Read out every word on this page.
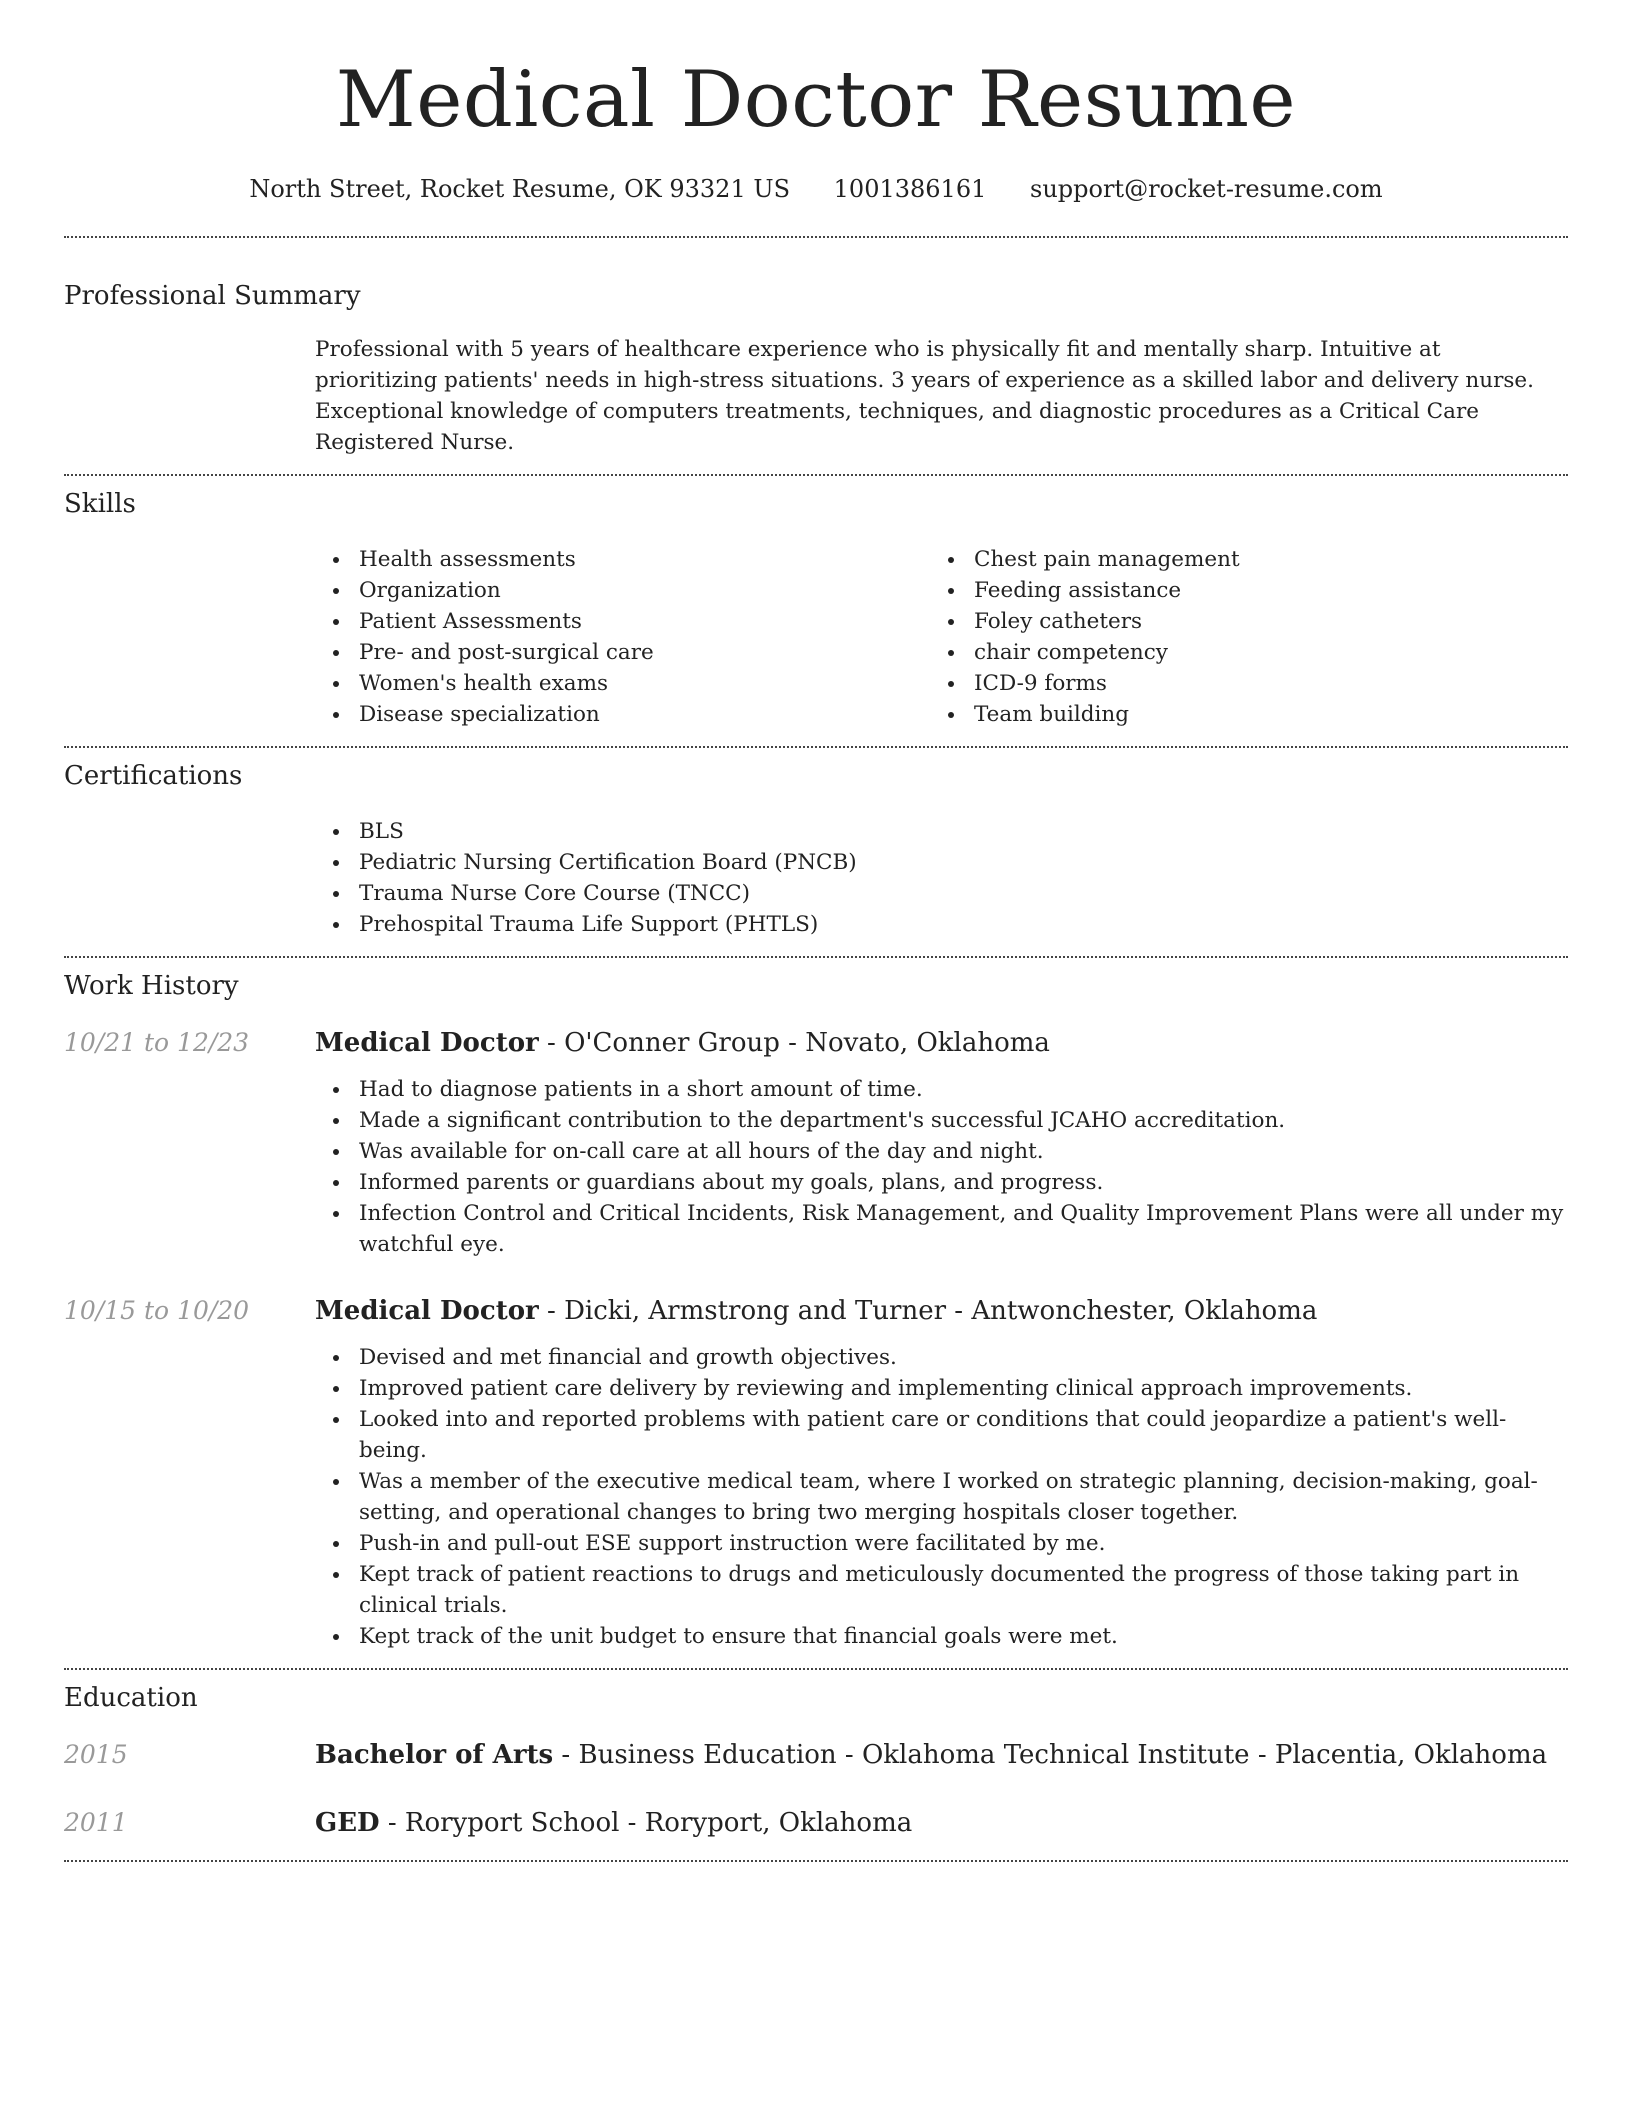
Medical Doctor Resume
North Street, Rocket Resume, OK 93321 US 1001386161 support@rocket-resume.com
Professional Summary
Professional with 5 years of healthcare experience who is physically fit and mentally sharp. Intuitive at prioritizing patients' needs in high-stress situations. 3 years of experience as a skilled labor and delivery nurse. Exceptional knowledge of computers treatments, techniques, and diagnostic procedures as a Critical Care Registered Nurse.
Skills
Health assessments
Organization
Patient Assessments
Pre- and post-surgical care
Women's health exams
Disease specialization
Chest pain management
Feeding assistance
Foley catheters
chair competency
ICD-9 forms
Team building
Certifications
BLS
Pediatric Nursing Certification Board (PNCB)
Trauma Nurse Core Course (TNCC)
Prehospital Trauma Life Support (PHTLS)
Work History
10/21 to 12/23	Medical Doctor - O'Conner Group - Novato, Oklahoma
Had to diagnose patients in a short amount of time.
Made a significant contribution to the department's successful JCAHO accreditation.
Was available for on-call care at all hours of the day and night.
Informed parents or guardians about my goals, plans, and progress.
Infection Control and Critical Incidents, Risk Management, and Quality Improvement Plans were all under my watchful eye.
10/15 to 10/20	Medical Doctor - Dicki, Armstrong and Turner - Antwonchester, Oklahoma
Devised and met financial and growth objectives.
Improved patient care delivery by reviewing and implementing clinical approach improvements.
Looked into and reported problems with patient care or conditions that could jeopardize a patient's well-being.
Was a member of the executive medical team, where I worked on strategic planning, decision-making, goal-setting, and operational changes to bring two merging hospitals closer together.
Push-in and pull-out ESE support instruction were facilitated by me.
Kept track of patient reactions to drugs and meticulously documented the progress of those taking part in clinical trials.
Kept track of the unit budget to ensure that financial goals were met.
Education
2015	Bachelor of Arts - Business Education - Oklahoma Technical Institute - Placentia, Oklahoma
2011	GED - Roryport School - Roryport, Oklahoma
